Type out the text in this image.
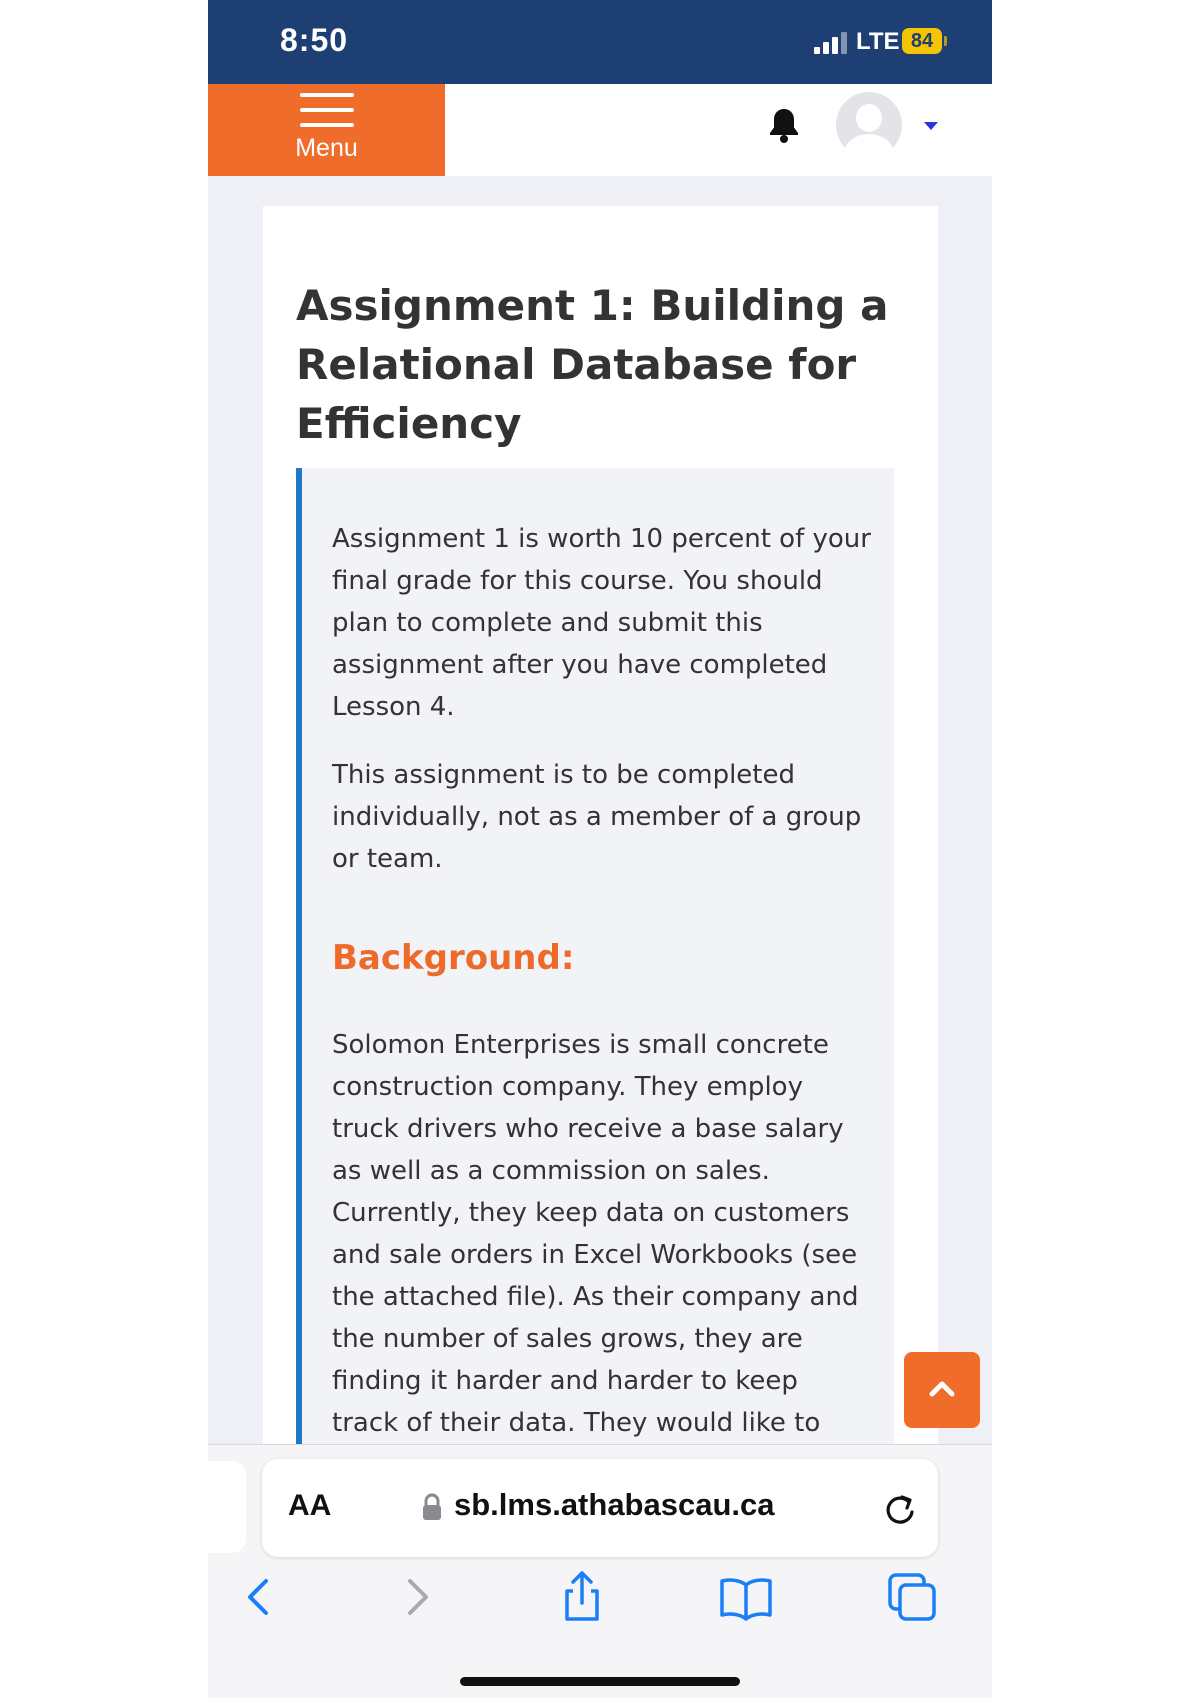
8:50	LTE 84
Menu
Assignment 1: Building a Relational Database for Efficiency

Assignment 1 is worth 10 percent of your final grade for this course. You should plan to complete and submit this assignment after you have completed Lesson 4.

This assignment is to be completed individually, not as a member of a group or team.

Background:

Solomon Enterprises is small concrete construction company. They employ truck drivers who receive a base salary as well as a commission on sales. Currently, they keep data on customers and sale orders in Excel Workbooks (see the attached file). As their company and the number of sales grows, they are finding it harder and harder to keep track of their data. They would like to

AA	sb.lms.athabascau.ca
